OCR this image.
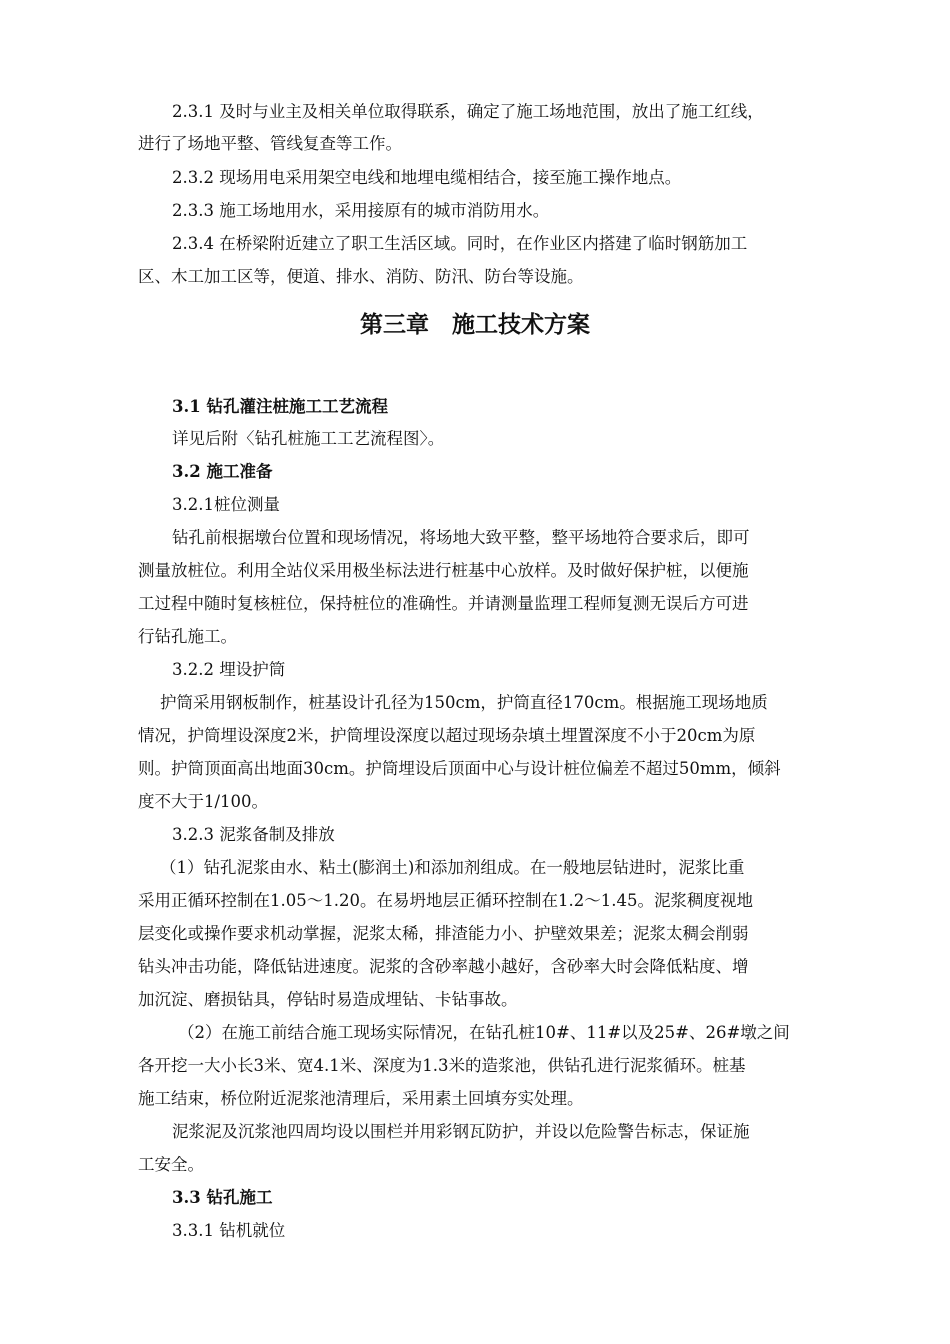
2.3.1 及时与业主及相关单位取得联系，确定了施工场地范围，放出了施工红线，
进行了场地平整、管线复查等工作。
2.3.2 现场用电采用架空电线和地埋电缆相结合，接至施工操作地点。
2.3.3 施工场地用水，采用接原有的城市消防用水。
2.3.4 在桥梁附近建立了职工生活区域。同时，在作业区内搭建了临时钢筋加工
区、木工加工区等，便道、排水、消防、防汛、防台等设施。
第三章　施工技术方案
3.1 钻孔灌注桩施工工艺流程
详见后附〈钻孔桩施工工艺流程图〉。
3.2 施工准备
3.2.1桩位测量
钻孔前根据墩台位置和现场情况，将场地大致平整，整平场地符合要求后，即可
测量放桩位。利用全站仪采用极坐标法进行桩基中心放样。及时做好保护桩，以便施
工过程中随时复核桩位，保持桩位的准确性。并请测量监理工程师复测无误后方可进
行钻孔施工。
3.2.2 埋设护筒
护筒采用钢板制作，桩基设计孔径为150cm，护筒直径170cm。根据施工现场地质
情况，护筒埋设深度2米，护筒埋设深度以超过现场杂填土埋置深度不小于20cm为原
则。护筒顶面高出地面30cm。护筒埋设后顶面中心与设计桩位偏差不超过50mm，倾斜
度不大于1/100。
3.2.3 泥浆备制及排放
（1）钻孔泥浆由水、粘土(膨润土)和添加剂组成。在一般地层钻进时，泥浆比重
采用正循环控制在1.05～1.20。在易坍地层正循环控制在1.2～1.45。泥浆稠度视地
层变化或操作要求机动掌握，泥浆太稀，排渣能力小、护壁效果差；泥浆太稠会削弱
钻头冲击功能，降低钻进速度。泥浆的含砂率越小越好，含砂率大时会降低粘度、增
加沉淀、磨损钻具，停钻时易造成埋钻、卡钻事故。
（2）在施工前结合施工现场实际情况，在钻孔桩10#、11#以及25#、26#墩之间
各开挖一大小长3米、宽4.1米、深度为1.3米的造浆池，供钻孔进行泥浆循环。桩基
施工结束，桥位附近泥浆池清理后，采用素土回填夯实处理。
泥浆泥及沉浆池四周均设以围栏并用彩钢瓦防护，并设以危险警告标志，保证施
工安全。
3.3 钻孔施工
3.3.1 钻机就位
